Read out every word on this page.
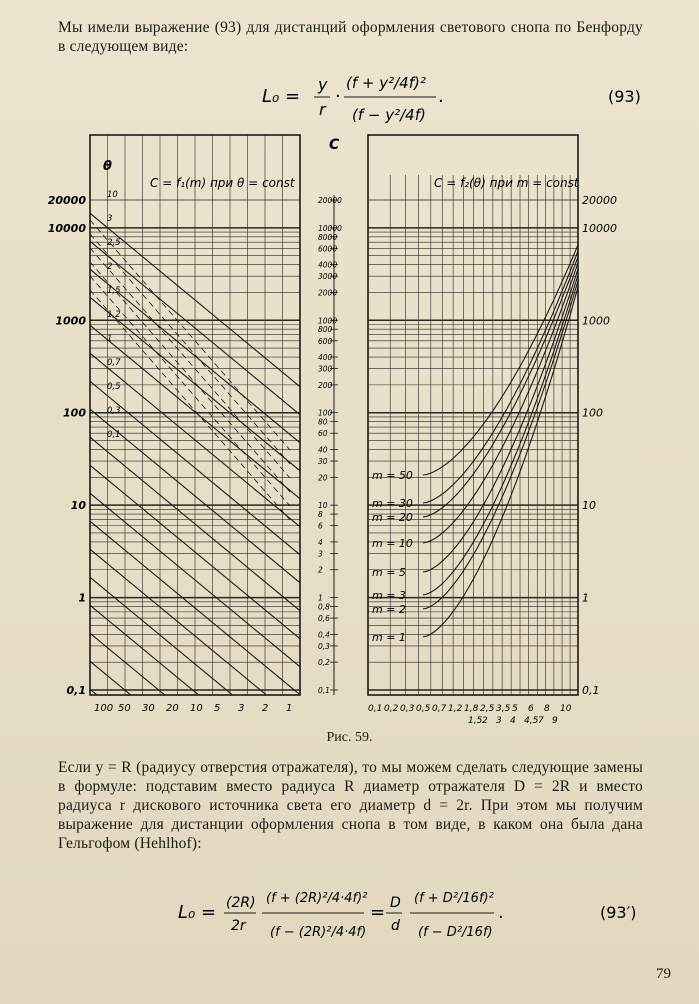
Мы имели выражение (93) для дистанций оформления светового снопа по Бенфорду в следующем виде:
L₀ =
y
r
·
(f + y²/4f)²
(f − y²/4f)
.	(93)
C
C = f₁(m) при θ = const	C = f₂(θ) при m = const
θ
20000
10000
1000
100
10
1
0,1
20000
10000
1000
100
10
1
0,1
20000
10000
8000
6000
4000
3000
2000
1000
800
600
400
300
200
100
80
60
40
30
20
10
8
6
4
3
2
1
0,8
0,6
0,4
0,3
0,2
0,1
100 50 30 20 10 5 3 2 1	0,1 0,2 0,3 0,5 0,7 1,2 1,8 2,5 3,5 5 6 8 10
1,5 2 3 4 4,5 7 9
10
3
2,5
2
1,5
1,2
1
0,7
0,5
0,3
0,1
m = 50
m = 30
m = 20
m = 10
m = 5
m = 3
m = 2
m = 1
Рис. 59.
Если y = R (радиусу отверстия отражателя), то мы можем сделать следующие замены в формуле: подставим вместо радиуса R диаметр отражателя D = 2R и вместо радиуса r дискового источника света его диаметр d = 2r. При этом мы получим выражение для дистанции оформления снопа в том виде, в каком она была дана Гельгофом (Hehlhof):
L₀ = (2R)
2r
(f + (2R)²/4·4f)²
(f − (2R)²/4·4f)
= D
d
(f + D²/16f)²
(f − D²/16f)
.	(93′)
79
